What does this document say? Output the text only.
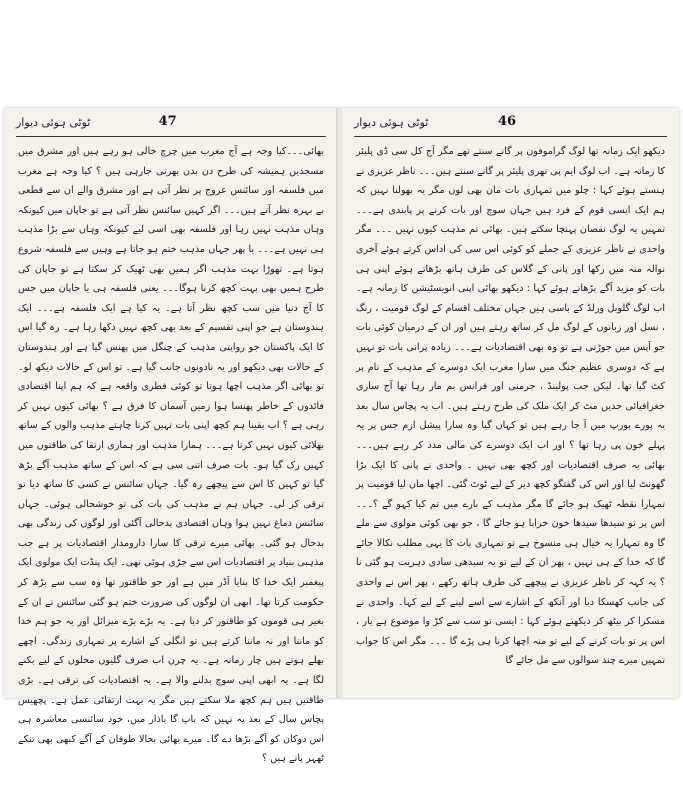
ٹوٹی ہوئی دیوار	47

بھائی۔۔۔کیا وجہ ہے آج مغرب میں چرچ خالی ہو رہے ہیں اور مشرق میں مسجدیں ہمیشہ کی طرح دن بدن بھرتی جارہی ہیں ؟ کیا وجہ ہے مغرب میں فلسفہ اور سائنس عروج پر نظر آتی ہے اور مشرق والے ان سے قطعی بے بہرہ نظر آتے ہیں۔۔۔ اگر کہیں سائنس نظر آتی ہے تو جاپان میں کیونکہ وہاں مذہب نہیں رہا اور فلسفہ بھی اسی لیے کیونکہ وہاں سے بڑا مذہب ہی نہیں ہے۔۔۔ یا پھر جہاں مذہب ختم ہو جاتا ہے وہیں سے فلسفہ شروع ہوتا ہے۔ تھوڑا بہت مذہب اگر ہمیں بھی ٹھیک کر سکتا ہے تو جاپان کی طرح ہمیں بھی بہت کچھ کرنا ہوگا۔۔۔ یعنی فلسفہ ہی یا جاپان میں جس کا آج دنیا میں سب کچھ نظر آتا ہے۔ یہ کیا ہے ایک فلسفہ ہے۔۔۔ ایک ہندوستان ہے جو اپنی تقسیم کے بعد بھی کچھ نہیں دکھا رہا ہے۔ رہ گیا اس کا ایک پاکستان جو روایتی مذہب کے چنگل میں پھنس گیا ہے اور ہندوستان کے حالات بھی دیکھو اور یہ نادونوں جانب گیا ہے۔ تو اس کے حالات دیکھ لو۔ تو بھائی اگر مذہب اچھا ہوتا تو کوئی فطری واقعہ ہے کہ ہم اپنا اقتصادی فائدوں کے خاطر پھنسا ہوا زمین آسمان کا فرق ہے ؟ بھائی کیوں نہیں کر رہی ہے ؟ اب یقینا ہم کچھ اپنی بات نہیں کرنا چاہتے مذہب والوں کے ساتھ بھلائی کیوں نہیں کرتا ہے۔۔۔ ہمارا مذہب اور ہماری ارتقا کی طاقتوں میں کہیں رک گیا ہو۔ بات صرف اتنی سی ہے کہ اس کے ساتھ مذہب آگے بڑھ گیا تو کہیں کا اس سے پیچھے رہ گیا۔ جہاں سائنس نے کسی کا ساتھ دیا تو ترقی کر لی۔ جہاں ہم نے مذہب کی بات کی تو خوشحالی ہوئی۔ جہاں سائنس دماغ نہیں ہوا وہاں اقتصادی بدحالی آگئی اور لوگوں کی زندگی بھی بدحال ہو گئی۔ بھائی میرے ترقی کا سارا دارومدار اقتصادیات پر ہے جب مذہبی بنیاد پر اقتصادیات اس سے جڑی ہوئی تھی۔ ایک پنڈت ایک مولوی ایک پیغمبر ایک خدا کا بنایا آڈر میں ہے اور جو طاقتور تھا وہ سب سے بڑھ کر حکومت کرتا تھا۔ ابھی ان لوگوں کی ضرورت ختم ہو گئی سائنس نے ان کے بغیر ہی قوموں کو طاقتور کر دیا ہے۔ یہ بڑے بڑے میزائل اور یہ جو ہم خدا کو ماننا اور نہ ماننا کرتے ہیں تو انگلی کے اشارے پر تمہاری زندگی۔ اچھے بھلے ہوتے ہیں چار زمانہ ہے۔ یہ چرن اب صرف گلیوں محلوں کے لیے بکنے لگا ہے۔ یہ ابھی اپنی سوچ بدلنے والا ہے۔ یہ اقتصادیات کی ترقی ہے۔ بڑی طاقتیں ہیں ہم کچھ ملا سکتے ہیں مگر یہ بہت ارتقائی عمل ہے۔ پچھیس پچاس سال کے بعد یہ نہیں کہ باپ گا باذار میں، خود سائنسی معاشرہ ہی اس دوکان کو آگے بڑھا دے گا۔ میرے بھائی بحالا طوفان کے آگے کبھی بھی تنکے ٹھہر پاتے ہیں ؟

ٹوٹی ہوئی دیوار	46

دیکھو ایک زمانہ تھا لوگ گراموفون پر گانے سنتے تھے مگر آج کل سی ڈی پلیئر کا زمانہ ہے۔ اب لوگ ایم پی تھری پلیئر پر گانے سنتے ہیں۔۔۔ ناظر عزیزی نے ہنستے ہوئے کہا : چلو میں تمہاری بات مان بھی لوں مگر یہ بھولنا نہیں کہ ہم ایک ایسی قوم کے فرد ہیں جہاں سوچ اور بات کرنے پر پابندی ہے۔۔۔ تمہیں یہ لوگ نقصان پہنچا سکتے ہیں۔ بھائی تم مذہب کیوں نہیں ۔۔۔ مگر واحدی نے ناظر عزیزی کے جملے کو کوئی اس سی کی اداس کرتے ہوئے آخری نوالہ منہ میں رکھا اور پانی کے گلاس کی طرف ہاتھ بڑھاتے ہوئے اپنی ہی بات کو مزید آگے بڑھاتے ہوئے کہا : دیکھو بھائی اپنی انویسٹیشن کا زمانہ ہے۔ اب لوگ گلوبل ورلڈ کے باسی ہیں جہاں مختلف اقسام کے لوگ قومیت ، رنگ ، نسل اور زبانوں کے لوگ مل کر ساتھ رہتے ہیں اور ان کے درمیان کوئی بات جو آپس میں جوڑتی ہے تو وہ بھی اقتصادیات ہے۔۔۔ زیادہ پرانی بات تو نہیں ہے کہ دوسری عظیم جنگ میں سارا مغرب ایک دوسرے کے مذہب کے نام پر کٹ گیا تھا۔ لیکن جب پولینڈ ، جرمنی اور فرانس بم مار رہا تھا آج ساری جغرافیائی حدیں مٹ کر ایک ملک کی طرح رہتے ہیں۔ اب یہ پچاس سال بعد یہ پورے یورپ میں آ جا رہے ہیں تو کہاں گیا وہ سارا پیشل ازم جس پر یہ پہلے خون پی رہا تھا ؟ اور اب ایک دوسرے کی مالی مدد کر رہے ہیں۔۔۔ بھائی یہ صرف اقتصادیات اور کچھ بھی نہیں ۔ واحدی نے پانی کا ایک بڑا گھونٹ لیا اور اس کی گفتگو کچھ دیر کے لیے ٹوٹ گئی۔ اچھا مان لیا قومیت پر تمہارا نقطہ ٹھیک ہو جائے گا مگر مذہب کے بارے میں تم کیا کہو گے ؟۔۔۔ اس پر تو سیدھا سیدھا خون خرابا ہو جائے گا ، جو بھی کوئی مولوی سے ملے گا وہ تمہارا یہ خیال ہی منسوخ ہے تو تمہاری بات کا یہی مطلب نکالا جائے گا کہ خدا کے ہی نہیں ، پھر ان کے لیے تو یہ سیدھی سادی دہریت ہو گئی نا ؟ یہ کہہ کر ناظر عزیزی نے پیچھے کی طرف ہاتھ رکھے ، پھر اس نے واحدی کی جانب کھسکا دیا اور آنکھ کے اشارے سے اسے لینے کے لیے کہا۔ واحدی نے مسکرا کر بیٹھ کر دیکھتے ہوئے کہا : ایسی تو سب سے کڑ وا موضوع ہے یار ، اس پر تو بات کرنے کے لیے تو منہ اچھا کرنا ہی پڑے گا ۔۔۔ مگر اس کا جواب تمہیں میرے چند سوالوں سے مل جائے گا
